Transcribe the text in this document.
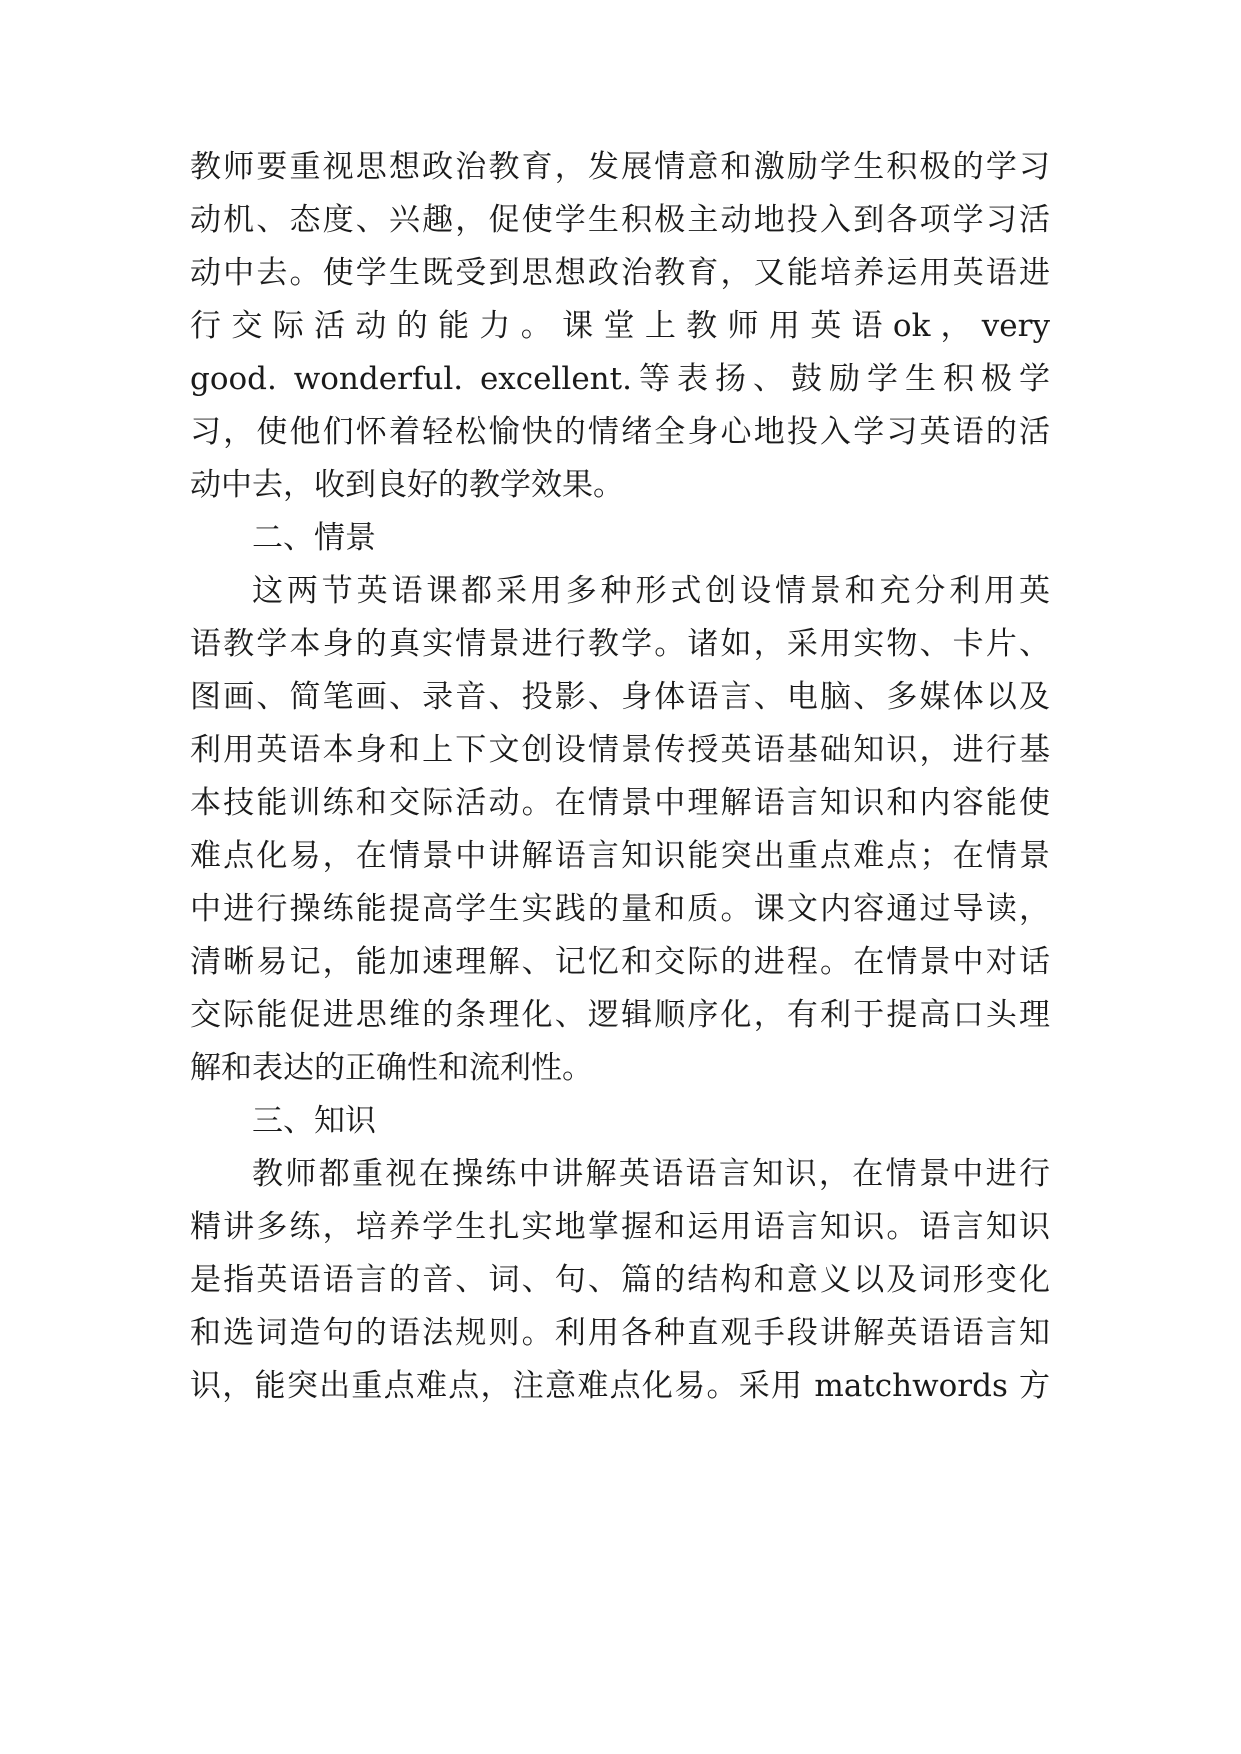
教师要重视思想政治教育，发展情意和激励学生积极的学习
动机、态度、兴趣，促使学生积极主动地投入到各项学习活
动中去。使学生既受到思想政治教育，又能培养运用英语进
行 交 际 活 动 的 能 力 。 课 堂 上 教 师 用 英 语 ok ， very
good. wonderful. excellent.等表扬、鼓励学生积极学
习，使他们怀着轻松愉快的情绪全身心地投入学习英语的活
动中去，收到良好的教学效果。
二、情景
这两节英语课都采用多种形式创设情景和充分利用英
语教学本身的真实情景进行教学。诸如，采用实物、卡片、
图画、简笔画、录音、投影、身体语言、电脑、多媒体以及
利用英语本身和上下文创设情景传授英语基础知识，进行基
本技能训练和交际活动。在情景中理解语言知识和内容能使
难点化易，在情景中讲解语言知识能突出重点难点；在情景
中进行操练能提高学生实践的量和质。课文内容通过导读，
清晰易记，能加速理解、记忆和交际的进程。在情景中对话
交际能促进思维的条理化、逻辑顺序化，有利于提高口头理
解和表达的正确性和流利性。
三、知识
教师都重视在操练中讲解英语语言知识，在情景中进行
精讲多练，培养学生扎实地掌握和运用语言知识。语言知识
是指英语语言的音、词、句、篇的结构和意义以及词形变化
和选词造句的语法规则。利用各种直观手段讲解英语语言知
识，能突出重点难点，注意难点化易。采用 matchwords 方
